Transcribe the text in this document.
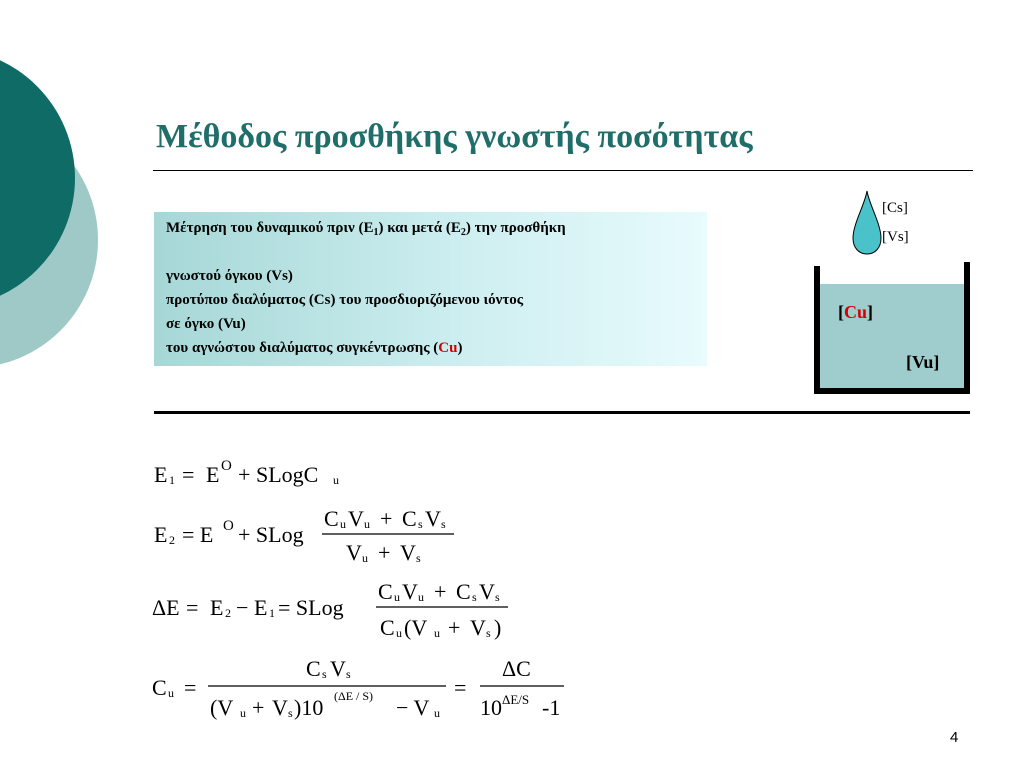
Μέθοδος προσθήκης γνωστής ποσότητας
Μέτρηση του δυναμικού πριν $(E_1)$ και μετά $(E_2)$ την προσθήκη
γνωστού όγκου (Vs)
προτύπου διαλύματος (Cs) του προσδιοριζόμενου ιόντος
σε όγκο (Vu)
του αγνώστου διαλύματος συγκέντρωσης (Cu)
[Cs]
[Vs]
[Cu]
[Vu]
E 1 = E O + SLogC u
E 2 = E O + SLog
C u V u + C s V s
V u + V s
ΔE = E 2 − E 1 = SLog
C u V u + C s V s
C u (V u + V s )
C u =
C s V s
(V u + V s )10 (ΔE / S) − V u
=
ΔC
10 ΔE/S -1
4
